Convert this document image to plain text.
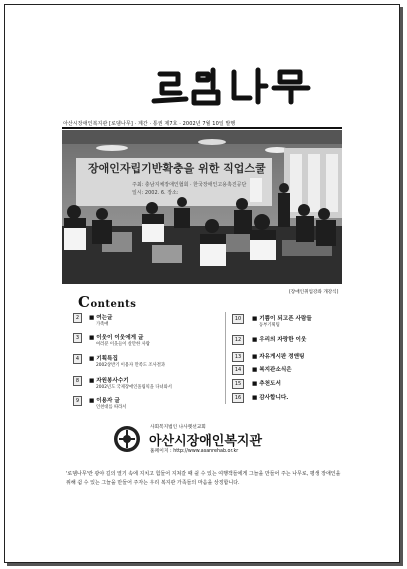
아산시장애인복지관 [로뎀나무] · 계간 · 통권 제7호 · 2002년 7월 10일 발행
장애인자립기반확충을 위한 직업스쿨
주최: 충남지체장애인협회 · 한국장애인고용촉진공단
일시: 2002. 6. 장소:
[장애인취업강좌 개강식]
Contents
2	■ 여는글
가족애
3	■ 이웃이 이웃에게 글
여러분 이웃들이 살만한 사람
4	■ 기획특집
2002상반기 이용자 만족도 조사결과
8	■ 자원봉사수기
2002년도 국제장애인올림픽을 다녀와서
9	■ 이용자 글
인천대를 따라서
10	■ 기쁨이 되고픈 사람들
동부기획팀
12	■ 우리의 자랑한 이웃
13	■ 자유게시판 정앤팅
14	■ 복지관소식은
15	■ 추천도서
16	■ 감사합니다.
사회복지법인 나사렛선교회
아산시장애인복지관
홈페이지 : http://www.asanrehab.or.kr
'로뎀나무'란 광야 길의 열기 속에 지치고 힘들어 지쳐갈 때 쉴 수 있는 여행객들에게 그늘을 만들어 주는 나무로, 평생 장애인을 위해 쉼 수 있는 그늘을 만들어 주자는 우리 복지관 가족들의 마음을 상징합니다.
